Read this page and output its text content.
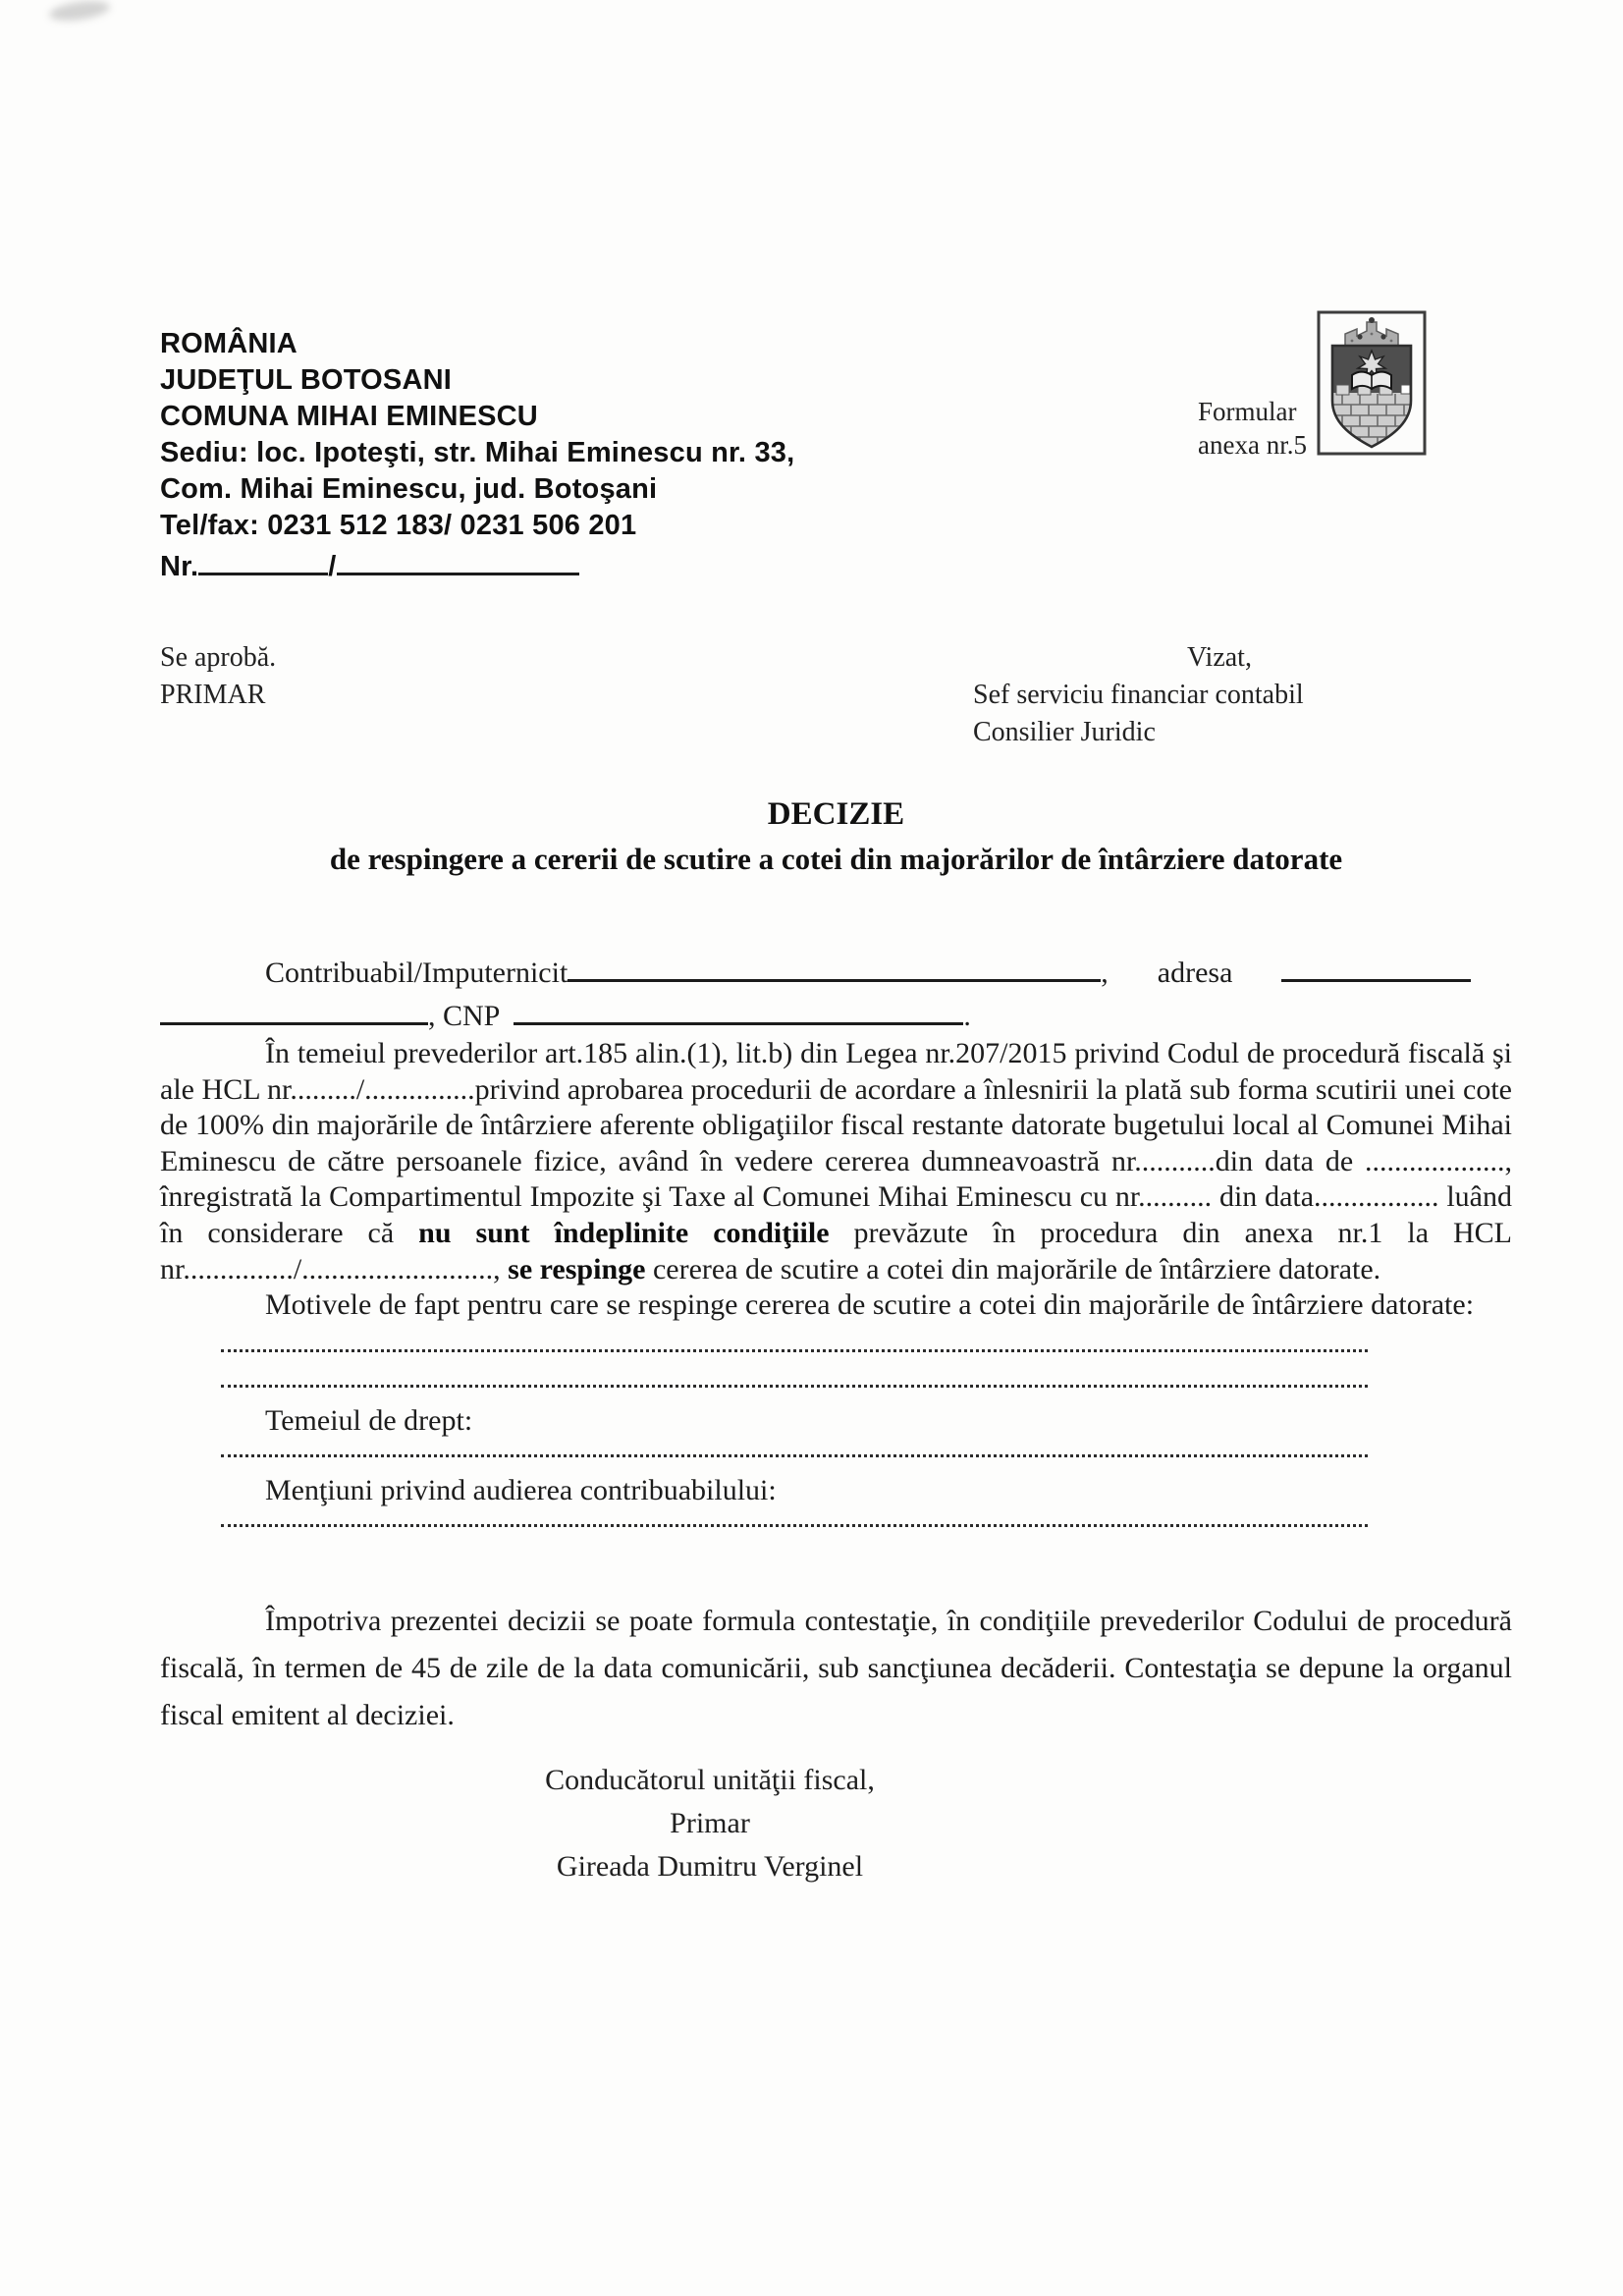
ROMÂNIA
JUDEŢUL BOTOSANI
COMUNA MIHAI EMINESCU
Sediu: loc. Ipoteşti, str. Mihai Eminescu nr. 33,
Com. Mihai Eminescu, jud. Botoşani
Tel/fax: 0231 512 183/ 0231 506 201
Nr.	/
Formular
anexa nr.5
Se aprobă.
PRIMAR
Vizat,
Sef serviciu financiar contabil
Consilier Juridic
DECIZIE
de respingere a cererii de scutire a cotei din majorărilor de întârziere datorate
Contribuabil/Imputernicit	, adresa
, CNP	.

În temeiul prevederilor art.185 alin.(1), lit.b) din Legea nr.207/2015 privind Codul de procedură fiscală şi ale HCL nr........./...............privind aprobarea procedurii de acordare a înlesnirii la plată sub forma scutirii unei cote de 100% din majorările de întârziere aferente obligaţiilor fiscal restante datorate bugetului local al Comunei Mihai Eminescu de către persoanele fizice, având în vedere cererea dumneavoastră nr...........din data de ..................., înregistrată la Compartimentul Impozite şi Taxe al Comunei Mihai Eminescu cu nr.......... din data................. luând în considerare că nu sunt îndeplinite condiţiile prevăzute în procedura din anexa nr.1 la HCL nr.............../.........................., se respinge cererea de scutire a cotei din majorările de întârziere datorate.

Motivele de fapt pentru care se respinge cererea de scutire a cotei din majorările de întârziere datorate:

Temeiul de drept:
Menţiuni privind audierea contribuabilului:

Împotriva prezentei decizii se poate formula contestaţie, în condiţiile prevederilor Codului de procedură fiscală, în termen de 45 de zile de la data comunicării, sub sancţiunea decăderii. Contestaţia se depune la organul fiscal emitent al deciziei.

Conducătorul unităţii fiscal,
Primar
Gireada Dumitru Verginel
